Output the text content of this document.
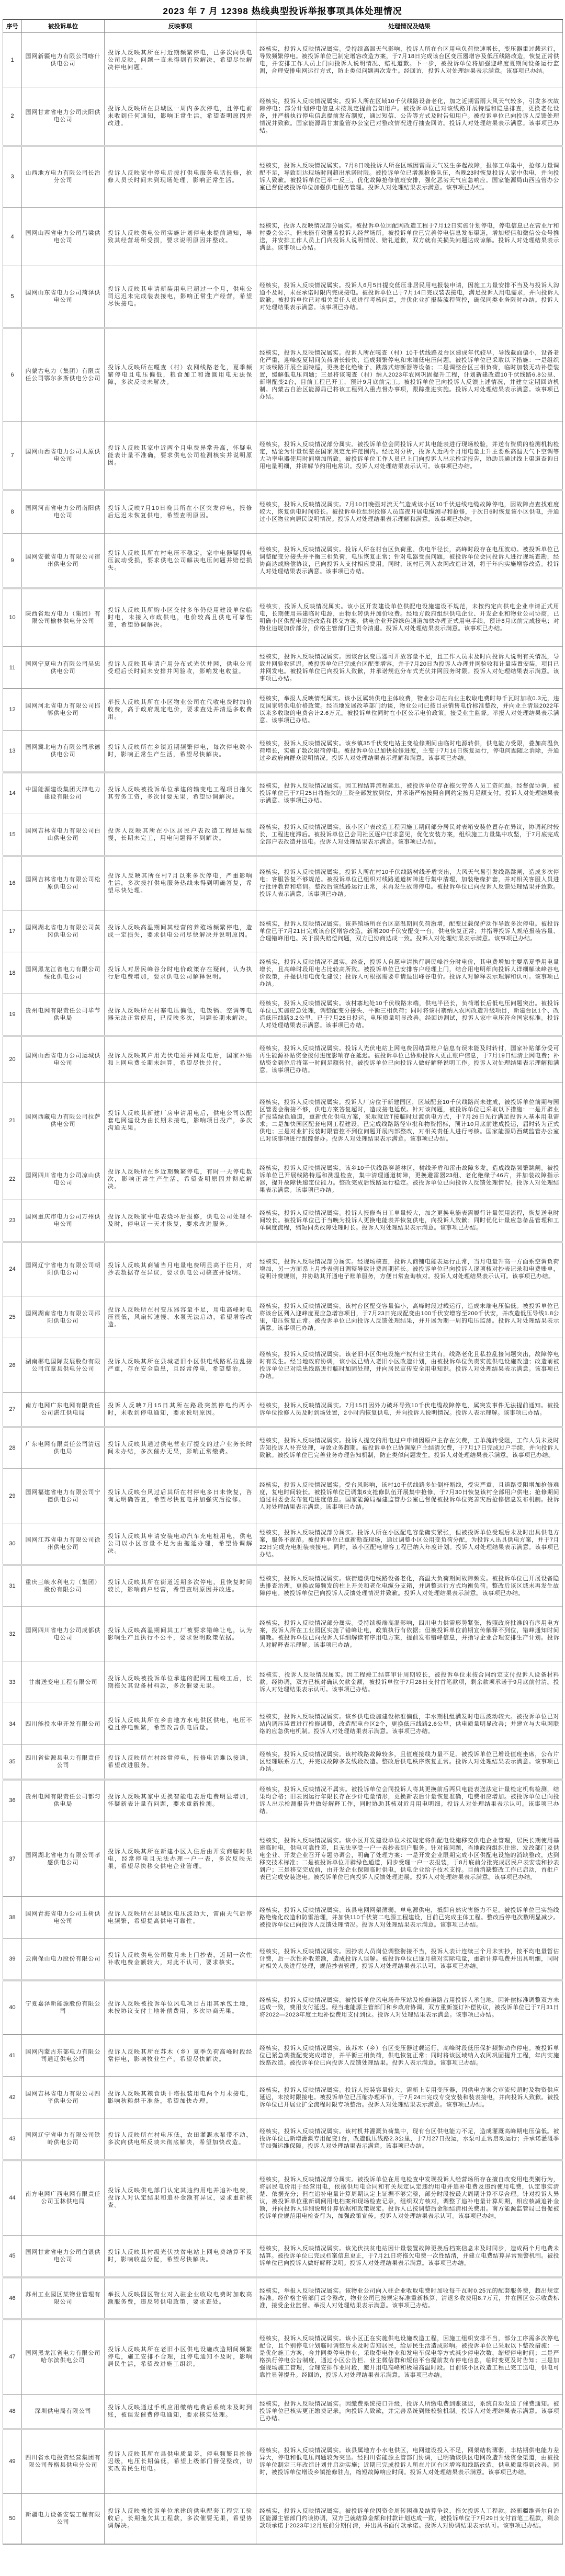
2023 年 7 月 12398 热线典型投诉举报事项具体处理情况
序号	被投诉单位	反映事项	处理情况及结果
1	国网新疆电力有限公司喀什供电公司	投诉人反映其所在村近期频繁停电，已多次向供电公司反映，问题一直未得到有效解决，希望尽快解决停电问题。	经核实，投诉人反映情况属实。受持续高温天气影响，投诉人所在台区用电负荷快速增长，变压器重过载运行，导致频繁停电。被投诉单位已制定增容改造方案，于7月18日完成该台区变压器增容及低压线路改造，恢复正常供电，并安排工作人员上门向投诉人说明情况、赔礼道歉。下一步，被投诉单位将加强迎峰度夏期间设备运行监测，合理安排电网运行方式，防止类似问题再次发生。经回访，投诉人对处理结果表示满意。该事项已办结。
2	国网甘肃省电力公司庆阳供电公司	投诉人反映所在县城区一周内多次停电，且停电前未收到任何通知，影响正常生活，希望查明原因并改进。	经核实，投诉人反映情况属实。投诉人所在区域10千伏线路设备老化，加之近期雷雨大风天气较多，引发多次故障停电；部分计划停电信息未按规定提前告知用户。被投诉单位已对该线路开展特巡和隐患排查，更换老化设备，并严格执行停电信息提前发布制度，通过短信、公告等方式及时告知用户。被投诉单位已向投诉人反馈处理情况并致歉。国家能源局甘肃监管办公室已对整改情况进行抽查回访。投诉人对处理结果表示满意。该事项已办结。
3	山西地方电力有限公司长治分公司	投诉人反映家中停电后拨打供电服务电话报修，抢修人员长时间未到现场处理，影响正常生活。	经核实，投诉人反映情况属实。7月8日晚投诉人所在区域因雷雨天气发生多起故障，报修工单集中，抢修力量调配不足，导致到达现场时间超出承诺时限。被投诉单位已增派抢修队伍，当晚23时恢复投诉人家中供电，并向投诉人致歉。被投诉单位已举一反三，优化故障抢修值班安排，强化恶劣天气应急响应。国家能源局山西监管办公室已督促被投诉单位加强供电服务管理。投诉人对处理结果表示满意。该事项已办结。
4	国网山西省电力公司吕梁供电公司	投诉人反映供电公司实施计划停电未提前通知，导致其经营场所受损，要求说明原因并整改。	经核实，投诉人反映情况部分属实。被投诉单位因配网改造工程于7月12日实施计划停电，停电信息已在营业厅和村委会公示，但未能有效覆盖投诉人经营场所。被投诉单位已完善停电信息发布渠道，增加短信和微信公众号推送，并安排工作人员上门向投诉人说明情况、赔礼道歉，双方就有关损失问题达成谅解。投诉人对处理结果表示满意。该事项已办结。
5	国网山东省电力公司菏泽供电公司	投诉人反映其申请新装用电已超过一个月，供电公司迟迟未完成装表接电，影响正常生产经营，希望尽快接电。	经核实，投诉人反映情况属实。投诉人6月5日提交低压非居民用电报装申请，因施工力量安排不当及与投诉人沟通不及时，未在承诺时限内完成接电。被投诉单位已于7月14日完成装表接电，满足投诉人用电需求，并向投诉人致歉。被投诉单位已对相关责任人员进行考核问责，并优化业扩报装流程管控，确保同类业务限时办结。投诉人对处理结果表示满意。该事项已办结。
6	内蒙古电力（集团）有限责任公司鄂尔多斯供电分公司	投诉人反映所在嘎查（村）农网线路老化，夏季频繁停电且电压偏低，粮食加工和灌溉用电无法保障，多次反映未解决。	经核实，投诉人反映情况属实。投诉人所在嘎查（村）10千伏线路及台区建成年代较早，导线截面偏小，设备老化严重，迎峰度夏期间负荷增长较快，造成频繁停电和末端低电压问题。被投诉单位已采取以下措施：一是组织对该线路开展全面特巡，更换老化绝缘子、跌落式熔断器等设备；二是调整台区三相负荷，临时加装无功补偿装置，缓解低电压问题；三是将该嘎查（村）纳入2023年农网巩固提升工程，计划新建改造10千伏线路6.8公里、新增配变2台，目前工程已开工，预计9月底前完工。被投诉单位已向投诉人反馈上述情况，并建立定期回访机制。内蒙古自治区能源局已将该工程列入重点督办事项，跟踪推进实施。投诉人对处理结果表示满意。该事项已办结。
7	国网山西省电力公司太原供电公司	投诉人反映其家中近两个月电费异常升高，怀疑电能表计量不准确，要求供电公司检测核实并说明原因。	经核实，投诉人反映情况部分属实。被投诉单位会同投诉人对其电能表进行现场校验，并送有资质的检测机构检定，结论为计量误差在国家规定允许范围内。经比对分析，投诉人近两个月用电量上升主要系高温天气下空调等大功率电器使用时间增加所致。被投诉单位工作人员已上门向投诉人出示检定报告，协助其通过线上渠道查询日用电量明细，并讲解节约用电常识。投诉人对处理结果表示认可。该事项已办结。
8	国网河南省电力公司南阳供电公司	投诉人反映7月10日晚其所在小区突发停电，报修后迟迟未恢复供电，希望查明原因。	经核实，投诉人反映情况属实。7月10日晚强对流天气造成该小区10千伏进线电缆故障停电，因故障点查找难度较大，恢复供电时间较长。被投诉单位组织抢修人员连夜开展电缆测寻和抢修，于次日6时恢复该小区供电，并通过小区物业向居民说明情况。投诉人对处理结果表示理解和满意。该事项已办结。
9	国网安徽省电力有限公司宿州供电公司	投诉人反映其所在村电压不稳定，家中电器疑因电压波动受损，要求供电公司解决电压问题并赔偿损失。	经核实，投诉人反映情况属实。投诉人所在村台区负荷重、供电半径长，高峰时段存在电压波动。被投诉单位已调整配变分接头并平衡三相负荷，电压恢复正常；针对电器受损问题，被投诉单位会同投诉人进行现场查勘，经协商达成赔偿协议，已向投诉人支付相应费用。同时，该村已列入农网改造计划，将于年内实施增容改造。投诉人对处理结果表示满意。该事项已办结。
10	陕西省地方电力（集团）有限公司榆林供电分公司	投诉人反映其所购小区交付多年仍使用建设单位临时电，未接入市政供电，电价较高且供电可靠性差，希望协调解决。	经核实，投诉人反映情况属实。该小区开发建设单位供配电设施建设不规范，未按约定向供电企业申请正式用电，长期使用基建临时电源，由物业转供并加价收费。经地方政府组织供电企业、开发企业和物业公司协商，已明确小区供配电设施改造和移交方案，供电企业开辟绿色通道加快办理正式用电手续，预计8月底前完成接电；对物业违规加价部分，价格主管部门已责令清退。投诉人对处理结果表示满意。该事项已办结。
11	国网宁夏电力有限公司吴忠供电公司	投诉人反映其申请户用分布式光伏并网，供电公司受理后长时间未安排并网验收，影响发电收益。	经核实，投诉人反映情况属实。因该台区变压器可开放容量不足，且工作人员未及时向投诉人说明有关情况，导致并网验收延迟。被投诉单位已完成台区配变增容，并于7月20日为投诉人办理并网验收和计量装置安装，项目已并网发电。被投诉单位已向投诉人致歉，并承诺规范分布式光伏并网服务时限。投诉人对处理结果表示满意。该事项已办结。
12	国网河北省电力有限公司邯郸供电公司	举报人反映其所在小区物业公司在代收电费时加价收费，高于政府规定电价，要求查处并清退多收费用。	经核实，举报人反映情况属实。该小区属转供电主体收费，物业公司在向业主收取电费时每千瓦时加收0.3元，违反国家转供电价格政策。经当地发展改革部门约谈，物业公司已按目录销售电价标准整改，并向业主清退2022年以来多收取的电费合计2.6万元。被投诉单位同时在小区公示电价政策，接受业主监督。举报人对处理结果表示满意。该事项已办结。
13	国网冀北电力有限公司承德供电公司	投诉人反映所在乡镇近期频繁停电，每次停电数小时，影响正常生产生活，希望尽快解决。	经核实，投诉人反映情况属实。该乡镇35千伏变电站主变检修期间由临时电源转供，供电能力受限，叠加高温负荷增长，实施了数次限荷停电。被投诉单位已加快检修进度，主变于7月16日恢复运行，停电问题随之消除，并通过乡政府向群众说明情况。投诉人对处理结果表示理解和满意。该事项已办结。
14	中国能源建设集团天津电力建设有限公司	投诉人反映被投诉单位承建的输变电工程项目拖欠其劳务工资，多次讨要无果，希望协调解决。	经核实，投诉人反映情况属实。因工程结算流程延迟，被投诉单位存在拖欠劳务人员工资问题。经督促协调，被投诉单位已于7月25日将拖欠的工资全部发放到位，并承诺严格按照合同约定按月足额支付。投诉人对处理结果表示满意。该事项已办结。
15	国网吉林省电力有限公司白山供电公司	投诉人反映其所在小区居民户表改造工程进展缓慢，长期未完工，用电问题得不到解决。	经核实，投诉人反映情况属实。该小区户表改造工程因施工期间部分居民对表箱安装位置存在异议，协调耗时较长，工程进度滞后。被投诉单位已会同社区逐户征求意见，优化安装方案，组织施工力量集中攻坚，于7月底完成全部户表改造并送电。投诉人对处理结果表示满意。该事项已办结。
16	国网吉林省电力有限公司松原供电公司	投诉人反映其所在村7月以来多次停电，严重影响生活，多次拨打供电服务热线未得到明确答复，希望尽快处理。	经核实，投诉人反映情况属实。投诉人所在村10千伏线路树线矛盾突出，大风天气易引发线路跳闸，造成多次停电；客服答复不够规范。被投诉单位已组织对线路通道树障进行集中清理，加装绝缘护套，并对相关客服人员进行批评教育和培训。整改后该线路运行正常，未再发生故障停电。被投诉单位已向投诉人反馈处理结果并致歉。投诉人表示满意。该事项已办结。
17	国网湖北省电力有限公司黄冈供电公司	投诉人反映高温期间其经营的养殖场频繁停电，造成一定损失，要求供电公司尽快解决并说明原因。	经核实，投诉人反映情况属实。该养殖场所在台区高温期间负荷激增，配变过载保护动作导致多次停电。被投诉单位已于7月21日完成该台区增容改造，新增200千伏安配变一台，供电恢复正常；并指导投诉人规范报装容量、合理错峰用电。关于损失赔偿问题，双方已协商达成一致。投诉人对处理结果表示满意。该事项已办结。
18	国网黑龙江省电力有限公司绥化供电公司	投诉人对居民峰谷分时电价政策存在疑问，认为执行后电费增加，要求供电公司解释说明。	经核实，投诉人反映情况不属实。经查，投诉人自愿申请执行居民峰谷分时电价，其电费增加主要系夏季用电量增长，且高峰时段用电占比较高所致。被投诉单位已安排客户经理上门，结合用电明细向投诉人详细解读峰谷电价政策，并提供用电优化建议；投诉人可根据需要申请退出峰谷电价。投诉人对解释表示理解和认可。该事项已办结。
19	贵州电网有限责任公司毕节供电局	投诉人反映所在村寨电压偏低，电饭锅、空调等电器无法正常使用，已反映多次，问题长期未解决。	经核实，投诉人反映情况属实。该村寨地处10千伏线路末端，供电半径长，负荷增长后低电压问题突出。被投诉单位已实施应急处理，调整配变分接头、平衡三相负荷；同时将该村寨纳入农网改造升级项目，新建台区1个、改造低压线路3.2公里，已于7月28日投运，电压质量明显改善。经回访测试，投诉人家中电压符合国家标准。投诉人对处理结果表示满意。该事项已办结。
20	国网山西省电力公司运城供电公司	投诉人反映其户用光伏电站并网发电后，国家补贴和上网电费长期未结算，希望尽快兑付。	经核实，投诉人反映情况属实。投诉人光伏电站上网电费因结算账户信息有误未能及时转付，国家补贴部分受可再生能源补贴资金拨付进度影响存在延迟。被投诉单位已协助投诉人更正账户信息，于7月19日结清上网电费；补贴资金到位后将第一时间足额转付。被投诉单位已向投诉人做好解释说明工作。投诉人对处理结果表示理解和满意。该事项已办结。
21	国网西藏电力有限公司拉萨供电公司	投诉人反映其新建厂房申请用电后，供电公司以配套电网建设为由长期未接电，影响项目投产，多次沟通无果。	经核实，投诉人反映情况属实。投诉人厂房位于新建园区，区域配套10千伏线路尚未建成，被投诉单位前期与园区管委会衔接不够，供电方案答复超时，造成接电延误。针对该问题，被投诉单位已采取以下措施：一是开辟业扩报装绿色通道，重新优化供电方案，采取就近T接临时过渡供电方式，于7月26日先行满足投诉人基本用电需求；二是加快园区配套电网工程建设，已完成线路路径审批和物资招标，预计10月底前建成投运，届时转为正式供电；三是对业扩报装时限管控不到位问题开展内部整改，对相关责任人进行考核。国家能源局西藏监管办公室已对该事项进行跟踪督办。投诉人对处理结果表示满意。该事项已办结。
22	国网四川省电力公司凉山供电公司	投诉人反映所在乡近期频繁停电，有时一天停电数次，影响正常生产生活，希望查明原因并彻底解决。	经核实，投诉人反映情况属实。该乡10千伏线路穿越林区，树线矛盾和雷击故障多发，造成线路频繁跳闸。被投诉单位已开展线路特巡和测温检查，集中清理通道树障，更换避雷器23组、老化绝缘子46片，并加装故障指示器，提升故障快速定位能力。整改完成后线路运行稳定。被投诉单位已向投诉人反馈处理情况。投诉人对处理结果表示满意。该事项已办结。
23	国网重庆市电力公司万州供电公司	投诉人反映家中电表烧坏后报修，供电公司处理不及时，停电近一天才恢复，要求改进服务。	经核实，投诉人反映情况属实。投诉人报修当日工单量较大，加之更换电能表需履行计量领用流程，恢复送电时间较长。被投诉单位已于当晚为投诉人更换电能表并恢复供电，向投诉人致歉；同时优化计量应急备品管理和工单调度流程，缩短同类故障处理时长。投诉人对处理结果表示满意。该事项已办结。
24	国网辽宁省电力有限公司朝阳供电公司	投诉人反映其商铺当月电量电费明显高于往月，对抄表数据存在异议，要求供电公司核查并说明。	经核实，投诉人反映情况部分属实。经现场核查，投诉人商铺电能表运行正常，当月电量升高一方面系空调负荷增加，另一方面系上月抄表例日调整导致计费周期延长。被投诉单位已向投诉人逐项核对抄表记录和电费账单，说明计费规则，并协助其开通电子账单服务，方便日常查询核对。投诉人对处理结果表示认可。该事项已办结。
25	国网湖南省电力有限公司邵阳供电公司	投诉人反映所在村变压器容量不足，用电高峰时电压很低，风扇转速慢、水泵无法启动，希望增容改造。	经核实，投诉人反映情况属实。该村台区配变容量偏小，高峰时段过载运行，造成末端电压偏低。被投诉单位已将该台区列入迎峰度夏应急增容项目，于7月23日完成配变由100千伏安增容至200千伏安，并改造低压导线1.8公里，电压恢复正常。被投诉单位已向投诉人反馈处理结果，并开展为期一周的电压监测。投诉人对处理结果表示满意。该事项已办结。
26	湖南郴电国际发展股份有限公司宜章县供电分公司	投诉人反映其所在县城老旧小区供电线路私拉乱接严重，存在安全隐患，且经常停电，希望整治。	经核实，投诉人反映情况属实。该老旧小区供电设施产权归业主共有，线路老化且私拉乱接问题突出，故障停电时有发生。经当地政府协调，该小区已纳入老旧小区改造计划，由被投诉单位负责实施供电设施改造；改造前被投诉单位已对隐患线路进行临时加固处理，并向居民宣传安全用电知识。投诉人对处理结果表示满意。该事项已办结。
27	南方电网广东电网有限责任公司湛江供电局	投诉人反映7月15日其所在路段突然停电约两小时，未收到停电通知，要求说明原因。	经核实，投诉人反映情况属实。7月15日因外力破坏导致10千伏电缆故障停电，属突发事件无法提前通知。被投诉单位抢修人员及时到场处置，2小时内恢复供电，并向投诉人说明情况。投诉人表示理解。该事项已办结。
28	广东电网有限责任公司清远供电局	投诉人反映其通过供电营业厅提交的过户业务长时间未办结，多次催办无果，影响正常缴费。	经核实，投诉人反映情况属实。投诉人提交的用电过户申请因原户主存在欠费，工单流转受阻，工作人员未及时告知投诉人补充处理，导致业务超期。被投诉单位已协调原户主结清欠费，于7月17日完成过户手续，并向投诉人致歉。被投诉单位已完善业务办理告知机制，防止类似问题发生。投诉人对处理结果表示满意。该事项已办结。
29	国网福建省电力有限公司宁德供电公司	投诉人反映台风过后其所在村停电多日未恢复，咨询无明确答复，希望尽快复电并加强灾后抢修。	经核实，投诉人反映情况属实。受台风影响，该村10千伏线路多处倒杆断线，受灾严重，且道路受阻增加抢修难度，复电时间较长。被投诉单位已调集6支抢修队伍开展集中抢修，于7月30日恢复该村全部用户供电；抢修期间通过村委会发布复电进度信息。国家能源局福建监管办公室已督促被投诉单位完善灾后抢修信息发布机制。投诉人对处理结果表示满意。该事项已办结。
30	国网江苏省电力有限公司徐州供电公司	投诉人反映其申请安装电动汽车充电桩用电，供电公司以小区容量不足为由拖延办理，希望协调解决。	经核实，投诉人反映情况部分属实。投诉人所在小区配电容量确实紧张，但被投诉单位受理后未及时出具供电方案，服务不规范。被投诉单位已重新勘查现场，通过调整小区公用变负荷分配，为投诉人出具供电方案，并于7月22日完成充电桩装表接电。同时，该小区配电增容工程已纳入年度计划。投诉人对处理结果表示满意。该事项已办结。
31	重庆三峡水利电力（集团）股份有限公司	投诉人反映其所在街道近期多次停电，且恢复时间较长，影响商户经营，希望查明原因并改进。	经核实，投诉人反映情况属实。该街道供电线路设备老化，高温大负荷期间故障频发。被投诉单位已开展设备隐患排查治理，更换故障频发的柱上开关和老化电缆分支箱，并调整运行方式均衡负荷。整改后该区域未再发生故障停电。被投诉单位已向投诉人反馈处理情况并致歉。投诉人对处理结果表示满意。该事项已办结。
32	国网四川省电力公司成都供电公司	投诉人反映高温期间其工厂被要求错峰让电，认为影响生产且执行不公平，要求说明政策依据。	经核实，投诉人反映情况部分属实。受持续极端高温影响，四川电力供需形势紧张，按照政府批准的有序用电方案，投诉人所在工业园区实施了错峰让电，政策执行有依据；但被投诉单位前期宣传解释不到位，错峰通知时间偏晚。被投诉单位已向投诉人详细解读有序用电方案，提前发布错峰信息，并指导企业合理安排生产计划。投诉人对解释表示理解。该事项已办结。
33	甘肃送变电工程有限公司	投诉人反映被投诉单位承建的配网工程竣工后，长期拖欠其设备材料款，多次催要无果。	经核实，投诉人反映情况属实。因工程竣工结算审计周期较长，被投诉单位未按合同约定支付投诉人设备材料款。经协调，双方已核对确认欠款金额，被投诉单位于7月28日支付首笔款项，剩余款项承诺于9月底前付清。投诉人对处理结果表示认可。该事项已办结。
34	四川能投水电开发有限公司	投诉人反映其所在乡由地方水电供区供电，电压不稳且停电频繁，希望改善供电质量。	经核实，投诉人反映情况属实。该乡供电设施建设标准偏低，丰水期机组满发时电压波动较大。被投诉单位已对站内调压装置进行检修调整，改造配电台区2个，更换低压线路2.6公里，供电质量明显改善；并建立与大电网联络的应急供电机制。投诉人对处理结果表示满意。该事项已办结。
35	四川省盐源县电力有限责任公司	投诉人反映所在村经常停电，报修电话难以接通，希望改进服务。	经核实，投诉人反映情况属实。该村线路故障较多，且值班接线力量不足。被投诉单位已增设值班坐席，公布片区经理联系方式，并完成故障多发线段改造。整改后供电秩序恢复正常。投诉人对处理结果表示满意。该事项已办结。
36	贵州电网有限责任公司都匀供电局	投诉人反映其家中更换智能电表后电费明显增加，怀疑新表计量有问题，要求重新检测。	经核实，投诉人反映情况不属实。被投诉单位会同投诉人将其更换前后两只电能表送法定计量检定机构检测，结果均合格；旧表因运行年限长存在少计电量情形，更换新表后计量恢复准确，电费相应增加。被投诉单位已向投诉人出示检测报告并做好解释工作，同时协助其核对近月用电明细。投诉人对处理结果表示认可。该事项已办结。
37	国网湖北省电力有限公司孝感供电公司	投诉人反映其所在新建小区入住后由开发商临时供电，经常停电且无法办理一户一表，多次反映无果，希望尽快移交供电企业管理。	经核实，投诉人反映情况属实。该小区开发建设单位未按规定将供配电设施移交供电企业管理，居民长期使用基建临时电，供电可靠性差，且无法享受一户一表抄表到户服务。针对该问题，当地政府组织住建、发改部门及供电企业、开发企业召开专题协调会，明确了处理方案：一是开发企业限期完成小区供配电设施的消缺整改，达到移交技术标准；二是被投诉单位开辟绿色通道，同步受理一户一表报装，于8月底前分批完成居民户表安装和抄表到户；三是移交完成前，由开发企业保障临时供电，供电企业给予技术支持。目前消缺整改工作已启动，首批户表已完成安装送电。被投诉单位已向投诉人反馈处理进展。投诉人对处理结果表示满意。该事项已办结。
38	国网青海省电力公司玉树供电公司	投诉人反映所在县城区电压波动大，雷雨天气后停电频繁，希望提高供电可靠性。	经核实，投诉人反映情况属实。该县电网网架薄弱，单电源供电，抵御自然灾害能力不足。被投诉单位已实施线路绝缘化改造和防雷治理，并加快110千伏第二电源工程建设，目前已完成主体工程。整改后停电次数明显减少。被投诉单位已向投诉人反馈处理情况。投诉人对处理结果表示满意。该事项已办结。
39	云南保山电力股份有限公司	投诉人反映供电公司数月未上门抄表，近期一次性补收电费金额较大，对此不认可，要求核实。	经核实，投诉人反映情况属实。因抄表人员岗位调整衔接不当，投诉人表计连续三个月未实抄，按平均电量暂估计费，后一次性补收差额，造成投诉人误解。被投诉单位已逐月核对实际电量，重新计算电费并出具明细，同时对相关人员进行处理，规范抄表管理。投诉人对处理结果表示认可。该事项已办结。
40	宁夏嘉泽新能源股份有限公司	投诉人反映被投诉单位风电项目占用其承包土地，未按协议支付土地补偿费用，多次协商无果。	经核实，投诉人反映情况属实。被投诉单位风电场升压站及检修道路占用投诉人承包地，因补偿标准调整双方未达成一致，费用支付延迟。经当地能源主管部门和乡政府协调，双方重新签订补偿协议，被投诉单位已于7月31日将2022—2023年度土地补偿费用支付到位。投诉人对处理结果表示满意。该事项已办结。
41	国网内蒙古东部电力有限公司通辽供电公司	投诉人反映其所在苏木（乡）夏季负荷高峰时段经常停电，影响牧业生产，希望尽快解决。	经核实，投诉人反映情况属实。该苏木（乡）台区变压器过载运行，高峰时段低压保护频繁动作停电。被投诉单位已紧急调拨配变完成增容，并平衡三相负荷，供电恢复正常；同时将该区域纳入农网巩固提升工程，年内实施线路改造。被投诉单位已向投诉人反馈处理结果。投诉人表示满意。该事项已办结。
42	国网吉林省电力有限公司四平供电公司	投诉人反映其粮食烘干塔报装用电两个月未接电，影响秋粮烘干准备，希望加快办理。	经核实，投诉人反映情况属实。投诉人报装容量较大，需新上专用变压器，因供电方案会审流转超时及物资供应延迟，未按时限接电。被投诉单位已压缩办理环节，于7月24日完成专变安装和装表接电，并向投诉人致歉。被投诉单位已开展业扩全流程时限专项整治。投诉人对处理结果表示满意。该事项已办结。
43	国网辽宁省电力有限公司铁岭供电公司	投诉人反映所在村电压低，农田灌溉水泵带不动，多次向供电所反映未彻底解决，希望加快改造。	经核实，投诉人反映情况属实。该村机井灌溉负荷集中，现有台区供电能力不足，造成灌溉高峰期电压偏低。被投诉单位已新增灌溉专用配变1台，改造低压线路2.3公里，于7月27日投运，水泵可正常启动运行；并承诺灌溉季节加强运维保障。投诉人对处理结果表示满意。该事项已办结。
44	南方电网广西电网有限责任公司玉林供电局	投诉人反映供电部门认定其违约用电并追补电费，投诉人对认定结果和追补金额有异议，要求重新核查。	经核实，投诉人反映情况部分属实。被投诉单位在用电检查中发现投诉人经营场所存在擅自改变用电类别行为，将居民电价用于经营用电，依据供用电合同和有关规定认定违约用电并追补电费及违约使用电费，认定事实清楚、依据充分；但在追补电量计算周期认定上证据不够完整，部分时段按最大周期计算不尽合理。针对投诉人异议，被投诉单位重新调阅用电档案和现场检查记录，组织双方核对，调整了追补电量计算周期，相应核减追补金额，并向投诉人详细说明计算依据和政策规定。投诉人已按调整后金额结清相关费用。南方能源监管局已督促被投诉单位规范用电检查行为，加强政策宣传。投诉人对处理结果表示认可。该事项已办结。
45	国网甘肃省电力公司白银供电公司	投诉人反映其村级光伏扶贫电站上网电费结算不及时，影响收益分配，希望尽快解决。	经核实，投诉人反映情况属实。该光伏扶贫电站因计量装置故障更换后档案信息未及时同步，造成两个月电费未结算。被投诉单位已完成档案信息更正，于7月21日将拖欠电费一次性结清，并建立电费结算异常预警机制。被投诉单位已向投诉人做好解释说明。投诉人对处理结果表示满意。该事项已办结。
46	苏州工业园区某物业管理有限公司	举报人反映园区物业对入驻企业收取电费时加收高额服务费，违反转供电政策，要求查处。	经核实，举报人反映情况属实。该物业公司向入驻企业收取电费时加收每千瓦时0.25元的配套服务费，超出规定标准。经价格主管部门责令整改，物业公司已按规定标准重新核算，清退多收费用8.7万元，并在园区公示收费标准，接受企业监督。举报人对处理结果表示满意。该事项已办结。
47	国网黑龙江省电力有限公司哈尔滨供电公司	投诉人反映其所在老旧小区供电设施改造期间频繁停电，施工安排不合理，且停电通知不及时，影响居民生活，希望改进施工组织。	经核实，投诉人反映情况属实。该小区正在实施供电设施改造工程，因施工组织安排不当，部分工序需多次停电配合，且个别停电计划临时调整后未及时告知居民，给居民生活造成影响。被投诉单位已采取以下整改措施：一是优化施工方案，合并同类停电作业，采取带电作业和发电车保电等方式减少停电次数、缩短停电时间；二是严格执行停电公告制度，通过小区公告栏、业主微信群和短信平台提前发布停电信息，临时变更及时告知；三是加强现场施工管理，合理安排作业时段，避开用电高峰和极端高温时段。目前该小区改造工程已完工送电，供电可靠性显著提升。经回访，投诉人对处理结果表示满意。该事项已办结。
48	深圳供电局有限公司	投诉人反映通过手机应用缴纳电费后系统未及时到账，被误发催费停电通知，要求核实处理。	经核实，投诉人反映情况属实。因缴费系统接口升级，投诉人所缴电费到账延迟，系统自动发送了催费通知。被投诉单位已核实更正缴费记录，向投诉人致歉，并完善系统到账校验机制。投诉人对处理结果表示满意。该事项已办结。
49	四川省水电投资经营集团有限公司普格县供电分公司	投诉人反映其所在县供电质量差，停电频繁且抢修迟缓，电压长期偏低，希望上级部门督促整改，切实改善民生用电。	经核实，投诉人反映情况属实。该县属地方小水电供区，电网建设投入不足，网架结构薄弱，丰枯期供电能力差异大，停电和低电压问题较为突出。经四川省能源主管部门协调，已明确该供区电网改造升级资金渠道，由被投诉单位制定三年改造计划并启动实施；近期已完成投诉人所在片区台区增容和线路改造，供电质量得到改善。同时，被投诉单位增设乡镇抢修驻点，缩短故障响应时间。投诉人对处理结果表示满意。该事项已办结。
50	新疆电力设备安装工程有限公司	投诉人反映被投诉单位承建的供电配套工程完工验收后，长期拖欠其工程款，多次催要无果，希望协调解决。	经核实，投诉人反映情况属实。被投诉单位因资金周转困难及结算争议，拖欠投诉人工程款。经新疆维吾尔自治区能源主管部门约谈协调，双方已就结算金额和付款计划达成一致，被投诉单位于7月29日支付首笔工程款，剩余款项承诺于2023年12月底前分期付清，并出具书面付款承诺。投诉人对协调结果表示认可。该事项已办结。
